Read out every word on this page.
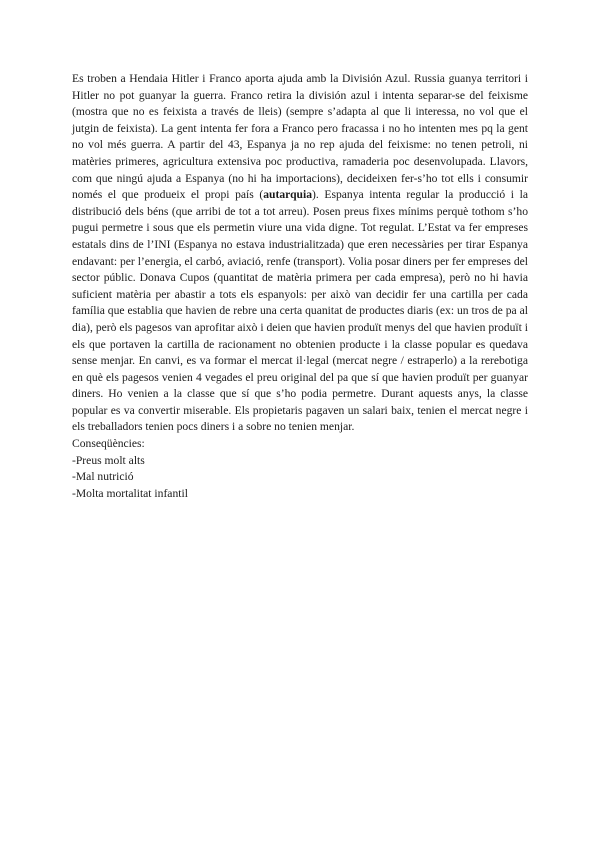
Es troben a Hendaia Hitler i Franco aporta ajuda amb la División Azul. Russia guanya territori i Hitler no pot guanyar la guerra. Franco retira la división azul i intenta separar-se del feixisme (mostra que no es feixista a través de lleis) (sempre s’adapta al que li interessa, no vol que el jutgin de feixista). La gent intenta fer fora a Franco pero fracassa i no ho intenten mes pq la gent no vol més guerra. A partir del 43, Espanya ja no rep ajuda del feixisme: no tenen petroli, ni matèries primeres, agricultura extensiva poc productiva, ramaderia poc desenvolupada. Llavors, com que ningú ajuda a Espanya (no hi ha importacions), decideixen fer-s’ho tot ells i consumir només el que produeix el propi país (autarquia). Espanya intenta regular la producció i la distribució dels béns (que arribi de tot a tot arreu). Posen preus fixes mínims perquè tothom s’ho pugui permetre i sous que els permetin viure una vida digne. Tot regulat. L’Estat va fer empreses estatals dins de l’INI (Espanya no estava industrialitzada) que eren necessàries per tirar Espanya endavant: per l’energia, el carbó, aviació, renfe (transport). Volia posar diners per fer empreses del sector públic. Donava Cupos (quantitat de matèria primera per cada empresa), però no hi havia suficient matèria per abastir a tots els espanyols: per això van decidir fer una cartilla per cada família que establia que havien de rebre una certa quanitat de productes diaris (ex: un tros de pa al dia), però els pagesos van aprofitar això i deien que havien produït menys del que havien produït i els que portaven la cartilla de racionament no obtenien producte i la classe popular es quedava sense menjar. En canvi, es va formar el mercat il·legal (mercat negre / estraperlo) a la rerebotiga en què els pagesos venien 4 vegades el preu original del pa que sí que havien produït per guanyar diners. Ho venien a la classe que sí que s’ho podia permetre. Durant aquests anys, la classe popular es va convertir miserable. Els propietaris pagaven un salari baix, tenien el mercat negre i els treballadors tenien pocs diners i a sobre no tenien menjar.

Conseqüències:

-Preus molt alts

-Mal nutrició

-Molta mortalitat infantil
